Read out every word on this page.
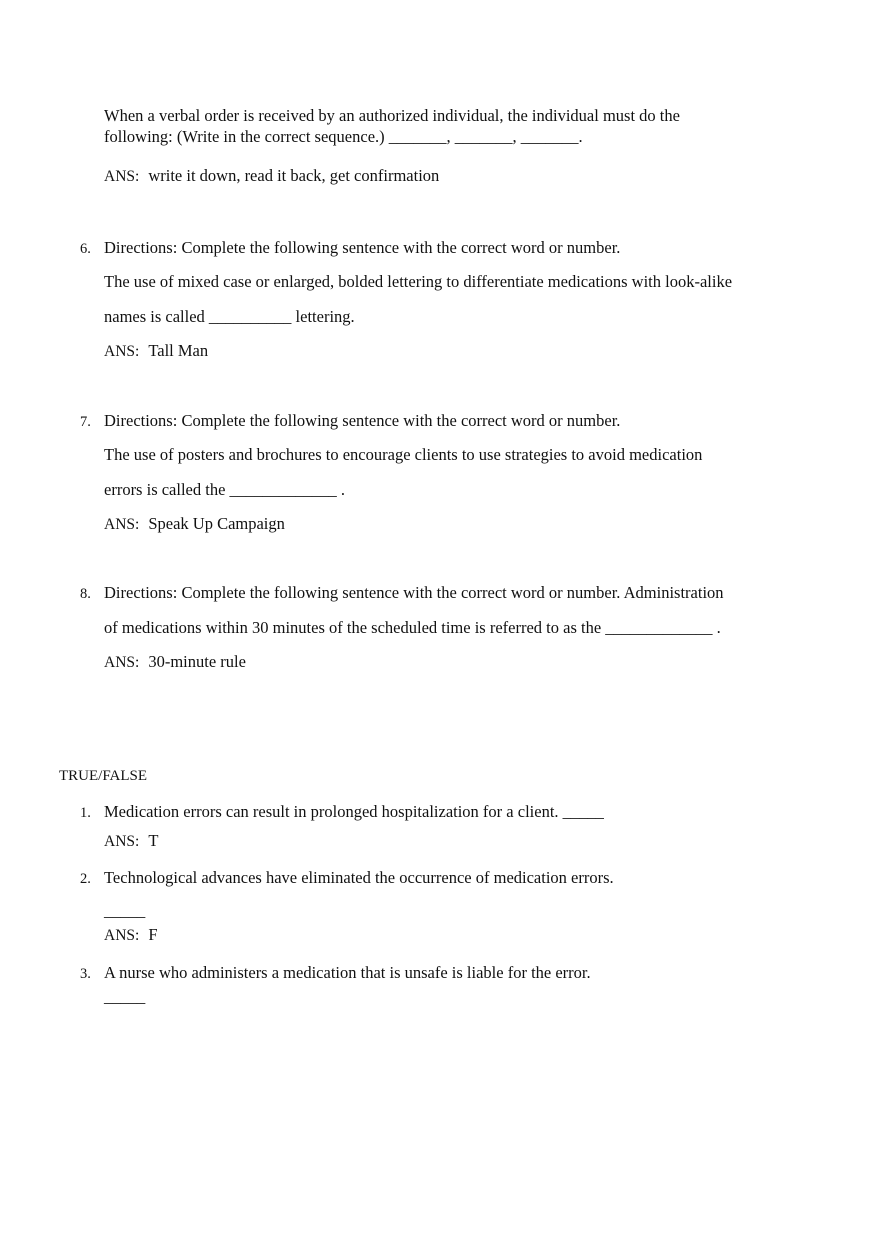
When a verbal order is received by an authorized individual, the individual must do the
following: (Write in the correct sequence.) _______, _______, _______.
ANS: write it down, read it back, get confirmation
6. Directions: Complete the following sentence with the correct word or number.
The use of mixed case or enlarged, bolded lettering to differentiate medications with look-alike
names is called __________ lettering.
ANS: Tall Man
7. Directions: Complete the following sentence with the correct word or number.
The use of posters and brochures to encourage clients to use strategies to avoid medication
errors is called the _____________ .
ANS: Speak Up Campaign
8. Directions: Complete the following sentence with the correct word or number. Administration
of medications within 30 minutes of the scheduled time is referred to as the _____________ .
ANS: 30-minute rule
TRUE/FALSE
1. Medication errors can result in prolonged hospitalization for a client. _____
ANS: T
2. Technological advances have eliminated the occurrence of medication errors.
_____
ANS: F
3. A nurse who administers a medication that is unsafe is liable for the error.
_____
